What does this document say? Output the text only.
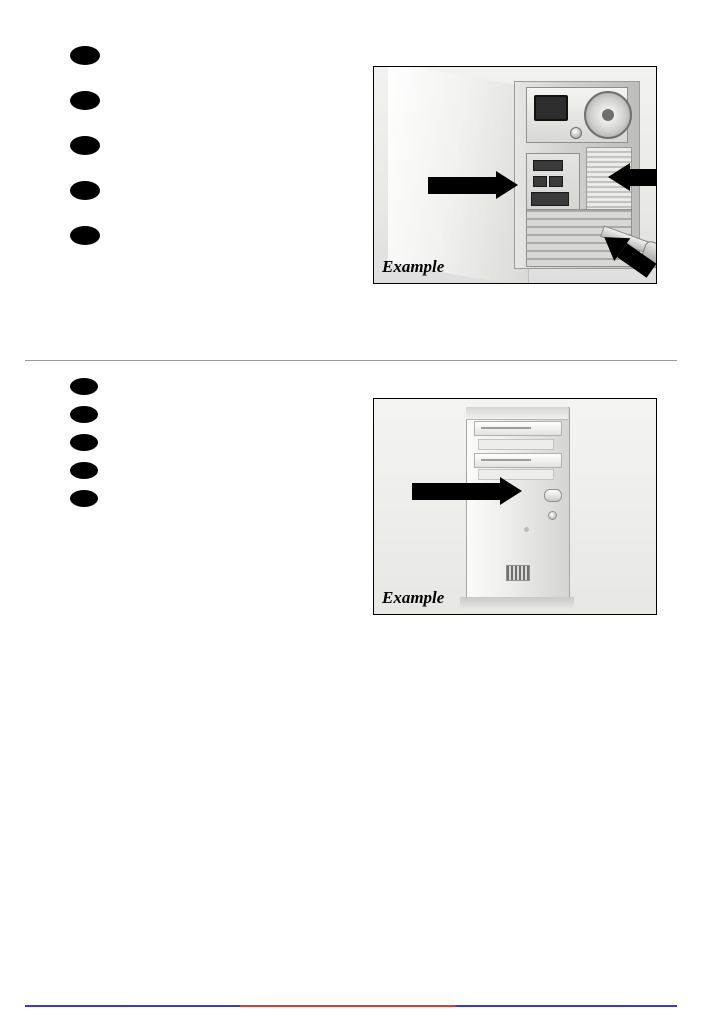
Example

Example
